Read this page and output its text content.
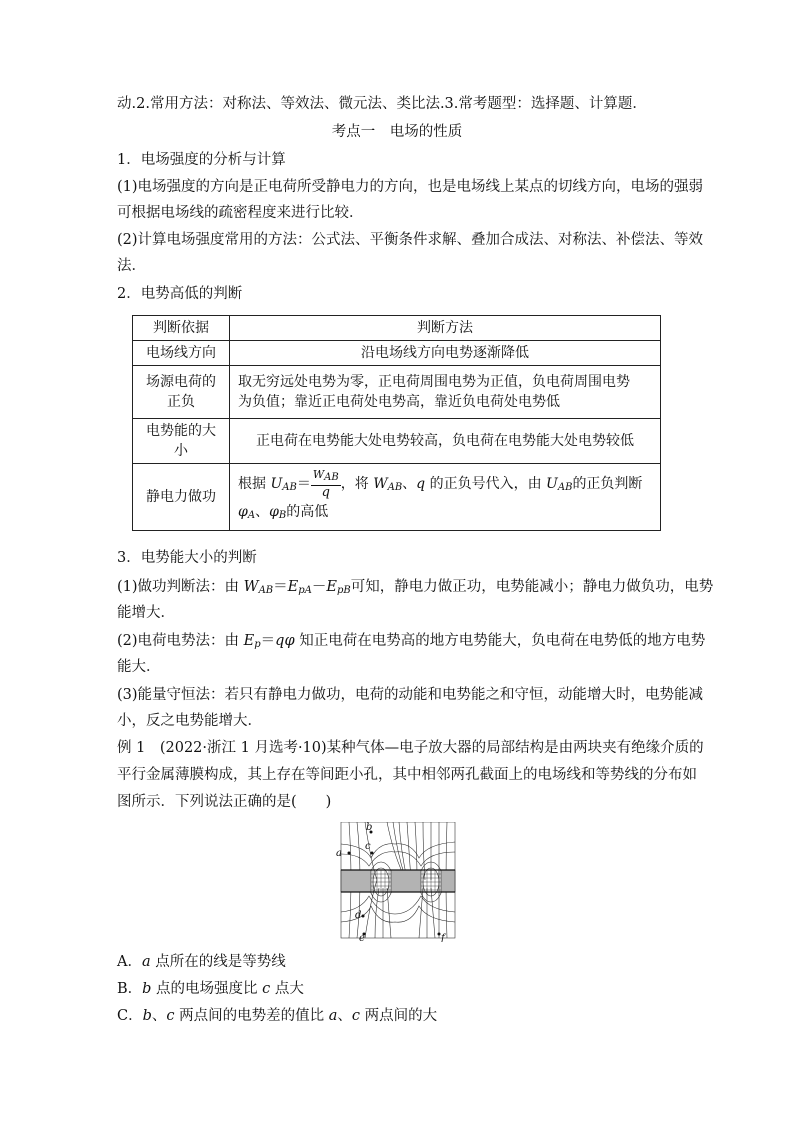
动.2.常用方法：对称法、等效法、微元法、类比法.3.常考题型：选择题、计算题．
考点一　电场的性质
1．电场强度的分析与计算
(1)电场强度的方向是正电荷所受静电力的方向，也是电场线上某点的切线方向，电场的强弱
可根据电场线的疏密程度来进行比较．
(2)计算电场强度常用的方法：公式法、平衡条件求解、叠加合成法、对称法、补偿法、等效
法．
2．电势高低的判断
判断依据	判断方法
电场线方向	沿电场线方向电势逐渐降低
场源电荷的正负	取无穷远处电势为零，正电荷周围电势为正值，负电荷周围电势
为负值；靠近正电荷处电势高，靠近负电荷处电势低

电势能的大小	正电荷在电势能大处电势较高，负电荷在电势能大处电势较低
静电力做功	根据 $U_{AB}= \frac{\text{WAB}}{q}$ ，将 $W_{AB}$、q 的正负号代入，由 $U_{AB}$的正负判断
$\varphi_A$、$\varphi_B$的高低
3．电势能大小的判断
(1)做功判断法：由 $W_{AB}=E_{pA}-E_{pB}$可知，静电力做正功，电势能减小；静电力做负功，电势
能增大．
(2)电荷电势法：由 $E_p=q\varphi$ 知正电荷在电势高的地方电势能大，负电荷在电势低的地方电势
能大．
(3)能量守恒法：若只有静电力做功，电荷的动能和电势能之和守恒，动能增大时，电势能减
小，反之电势能增大．
例 1　(2022·浙江 1 月选考·10)某种气体—电子放大器的局部结构是由两块夹有绝缘介质的
平行金属薄膜构成，其上存在等间距小孔，其中相邻两孔截面上的电场线和等势线的分布如
图所示．下列说法正确的是(　　)
A．a 点所在的线是等势线
B．b 点的电场强度比 c 点大
C．b、c 两点间的电势差的值比 a、c 两点间的大
a
b
c
d
e	f
